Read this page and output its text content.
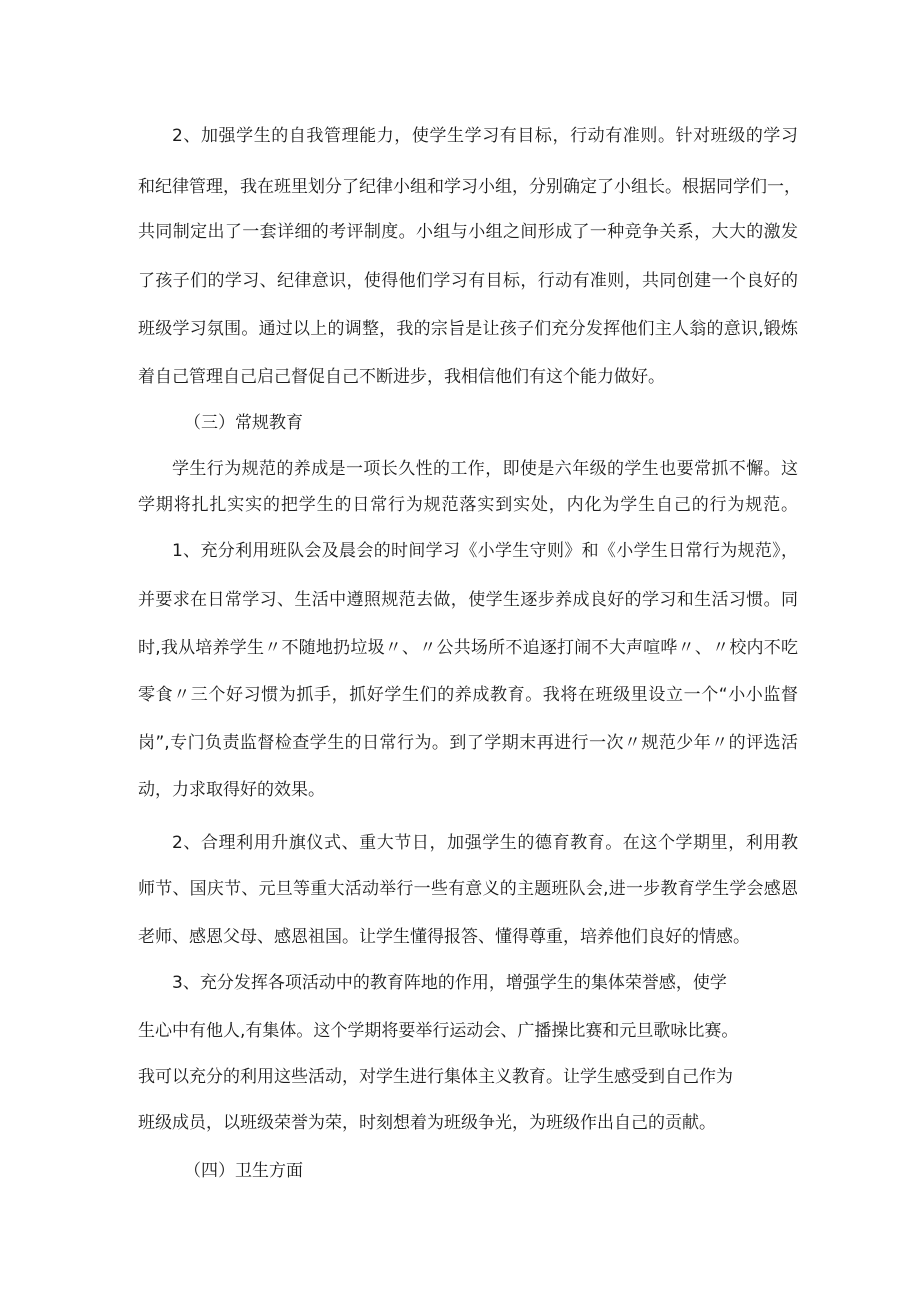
2、加强学生的自我管理能力，使学生学习有目标，行动有准则。针对班级的学习
和纪律管理，我在班里划分了纪律小组和学习小组，分别确定了小组长。根据同学们一，
共同制定出了一套详细的考评制度。小组与小组之间形成了一种竞争关系，大大的激发
了孩子们的学习、纪律意识，使得他们学习有目标，行动有准则，共同创建一个良好的
班级学习氛围。通过以上的调整，我的宗旨是让孩子们充分发挥他们主人翁的意识,锻炼
着自己管理自己启己督促自己不断进步，我相信他们有这个能力做好。
（三）常规教育
学生行为规范的养成是一项长久性的工作，即使是六年级的学生也要常抓不懈。这
学期将扎扎实实的把学生的日常行为规范落实到实处，内化为学生自己的行为规范。
1、充分利用班队会及晨会的时间学习《小学生守则》和《小学生日常行为规范》，
并要求在日常学习、生活中遵照规范去做，使学生逐步养成良好的学习和生活习惯。同
时,我从培养学生〃不随地扔垃圾〃、〃公共场所不追逐打闹不大声喧哗〃、〃校内不吃
零食〃三个好习惯为抓手，抓好学生们的养成教育。我将在班级里设立一个“小小监督
岗”,专门负责监督检查学生的日常行为。到了学期末再进行一次〃规范少年〃的评选活
动，力求取得好的效果。
2、合理利用升旗仪式、重大节日，加强学生的德育教育。在这个学期里，利用教
师节、国庆节、元旦等重大活动举行一些有意义的主题班队会,进一步教育学生学会感恩
老师、感恩父母、感恩祖国。让学生懂得报答、懂得尊重，培养他们良好的情感。
3、充分发挥各项活动中的教育阵地的作用，增强学生的集体荣誉感，使学
生心中有他人,有集体。这个学期将要举行运动会、广播操比赛和元旦歌咏比赛。
我可以充分的利用这些活动，对学生进行集体主义教育。让学生感受到自己作为
班级成员，以班级荣誉为荣，时刻想着为班级争光，为班级作出自己的贡献。
（四）卫生方面
